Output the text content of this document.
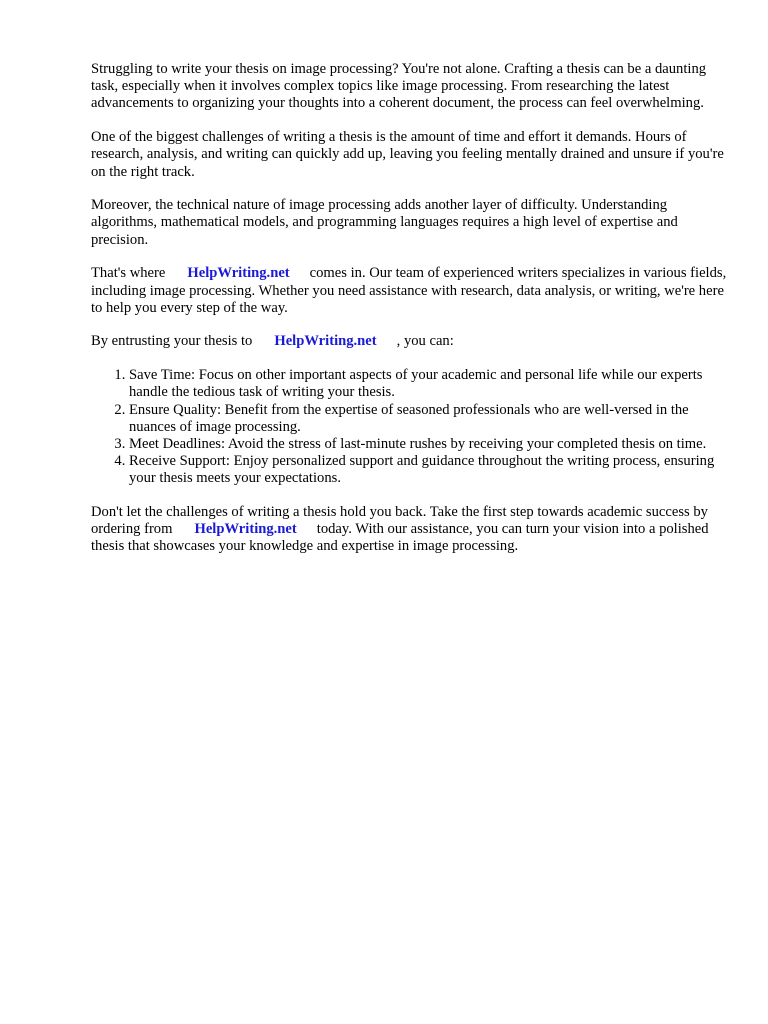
Struggling to write your thesis on image processing? You're not alone. Crafting a thesis can be a daunting task, especially when it involves complex topics like image processing. From researching the latest advancements to organizing your thoughts into a coherent document, the process can feel overwhelming.

One of the biggest challenges of writing a thesis is the amount of time and effort it demands. Hours of research, analysis, and writing can quickly add up, leaving you feeling mentally drained and unsure if you're on the right track.

Moreover, the technical nature of image processing adds another layer of difficulty. Understanding algorithms, mathematical models, and programming languages requires a high level of expertise and precision.

That's where HelpWriting.net comes in. Our team of experienced writers specializes in various fields, including image processing. Whether you need assistance with research, data analysis, or writing, we're here to help you every step of the way.

By entrusting your thesis to HelpWriting.net , you can:

1. Save Time: Focus on other important aspects of your academic and personal life while our experts handle the tedious task of writing your thesis.
2. Ensure Quality: Benefit from the expertise of seasoned professionals who are well-versed in the nuances of image processing.
3. Meet Deadlines: Avoid the stress of last-minute rushes by receiving your completed thesis on time.
4. Receive Support: Enjoy personalized support and guidance throughout the writing process, ensuring your thesis meets your expectations.

Don't let the challenges of writing a thesis hold you back. Take the first step towards academic success by ordering from HelpWriting.net today. With our assistance, you can turn your vision into a polished thesis that showcases your knowledge and expertise in image processing.
